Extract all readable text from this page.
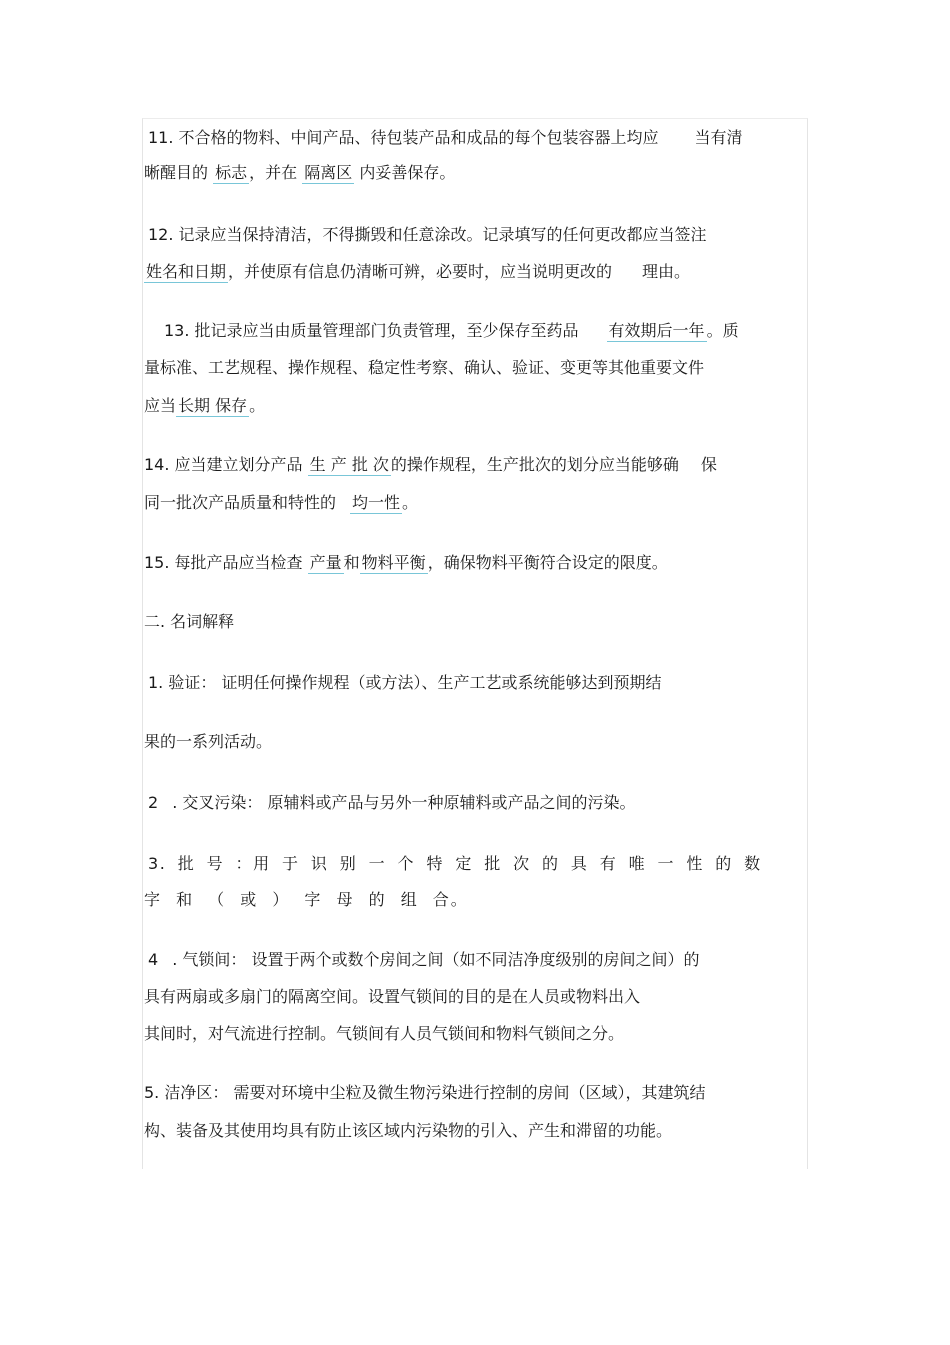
11. 不合格的物料、中间产品、待包装产品和成品的每个包装容器上均应 当有清
晰醒目的 标志 ，并在 隔离区 内妥善保存。
12. 记录应当保持清洁，不得撕毁和任意涂改。记录填写的任何更改都应当签注
姓名和日期 ，并使原有信息仍清晰可辨，必要时，应当说明更改的 理由。
13. 批记录应当由质量管理部门负责管理，至少保存至药品 有效期后一年 。质
量标准、工艺规程、操作规程、稳定性考察、确认、验证、变更等其他重要文件
应当 长期 保存 。
14. 应当建立划分产品 生 产 批 次 的操作规程，生产批次的划分应当能够确 保
同一批次产品质量和特性的 均一性 。
15. 每批产品应当检查 产量 和 物料平衡 ，确保物料平衡符合设定的限度。
二. 名词解释
1. 验证： 证明任何操作规程（或方法）、生产工艺或系统能够达到预期结
果的一系列活动。
2 . 交叉污染： 原辅料或产品与另外一种原辅料或产品之间的污染。
3. 批 号 ：用 于 识 别 一 个 特 定 批 次 的 具 有 唯 一 性 的 数
字 和 （ 或 ） 字 母 的 组 合。
4 . 气锁间： 设置于两个或数个房间之间（如不同洁净度级别的房间之间）的
具有两扇或多扇门的隔离空间。设置气锁间的目的是在人员或物料出入
其间时，对气流进行控制。气锁间有人员气锁间和物料气锁间之分。
5. 洁净区： 需要对环境中尘粒及微生物污染进行控制的房间（区域），其建筑结
构、装备及其使用均具有防止该区域内污染物的引入、产生和滞留的功能。
